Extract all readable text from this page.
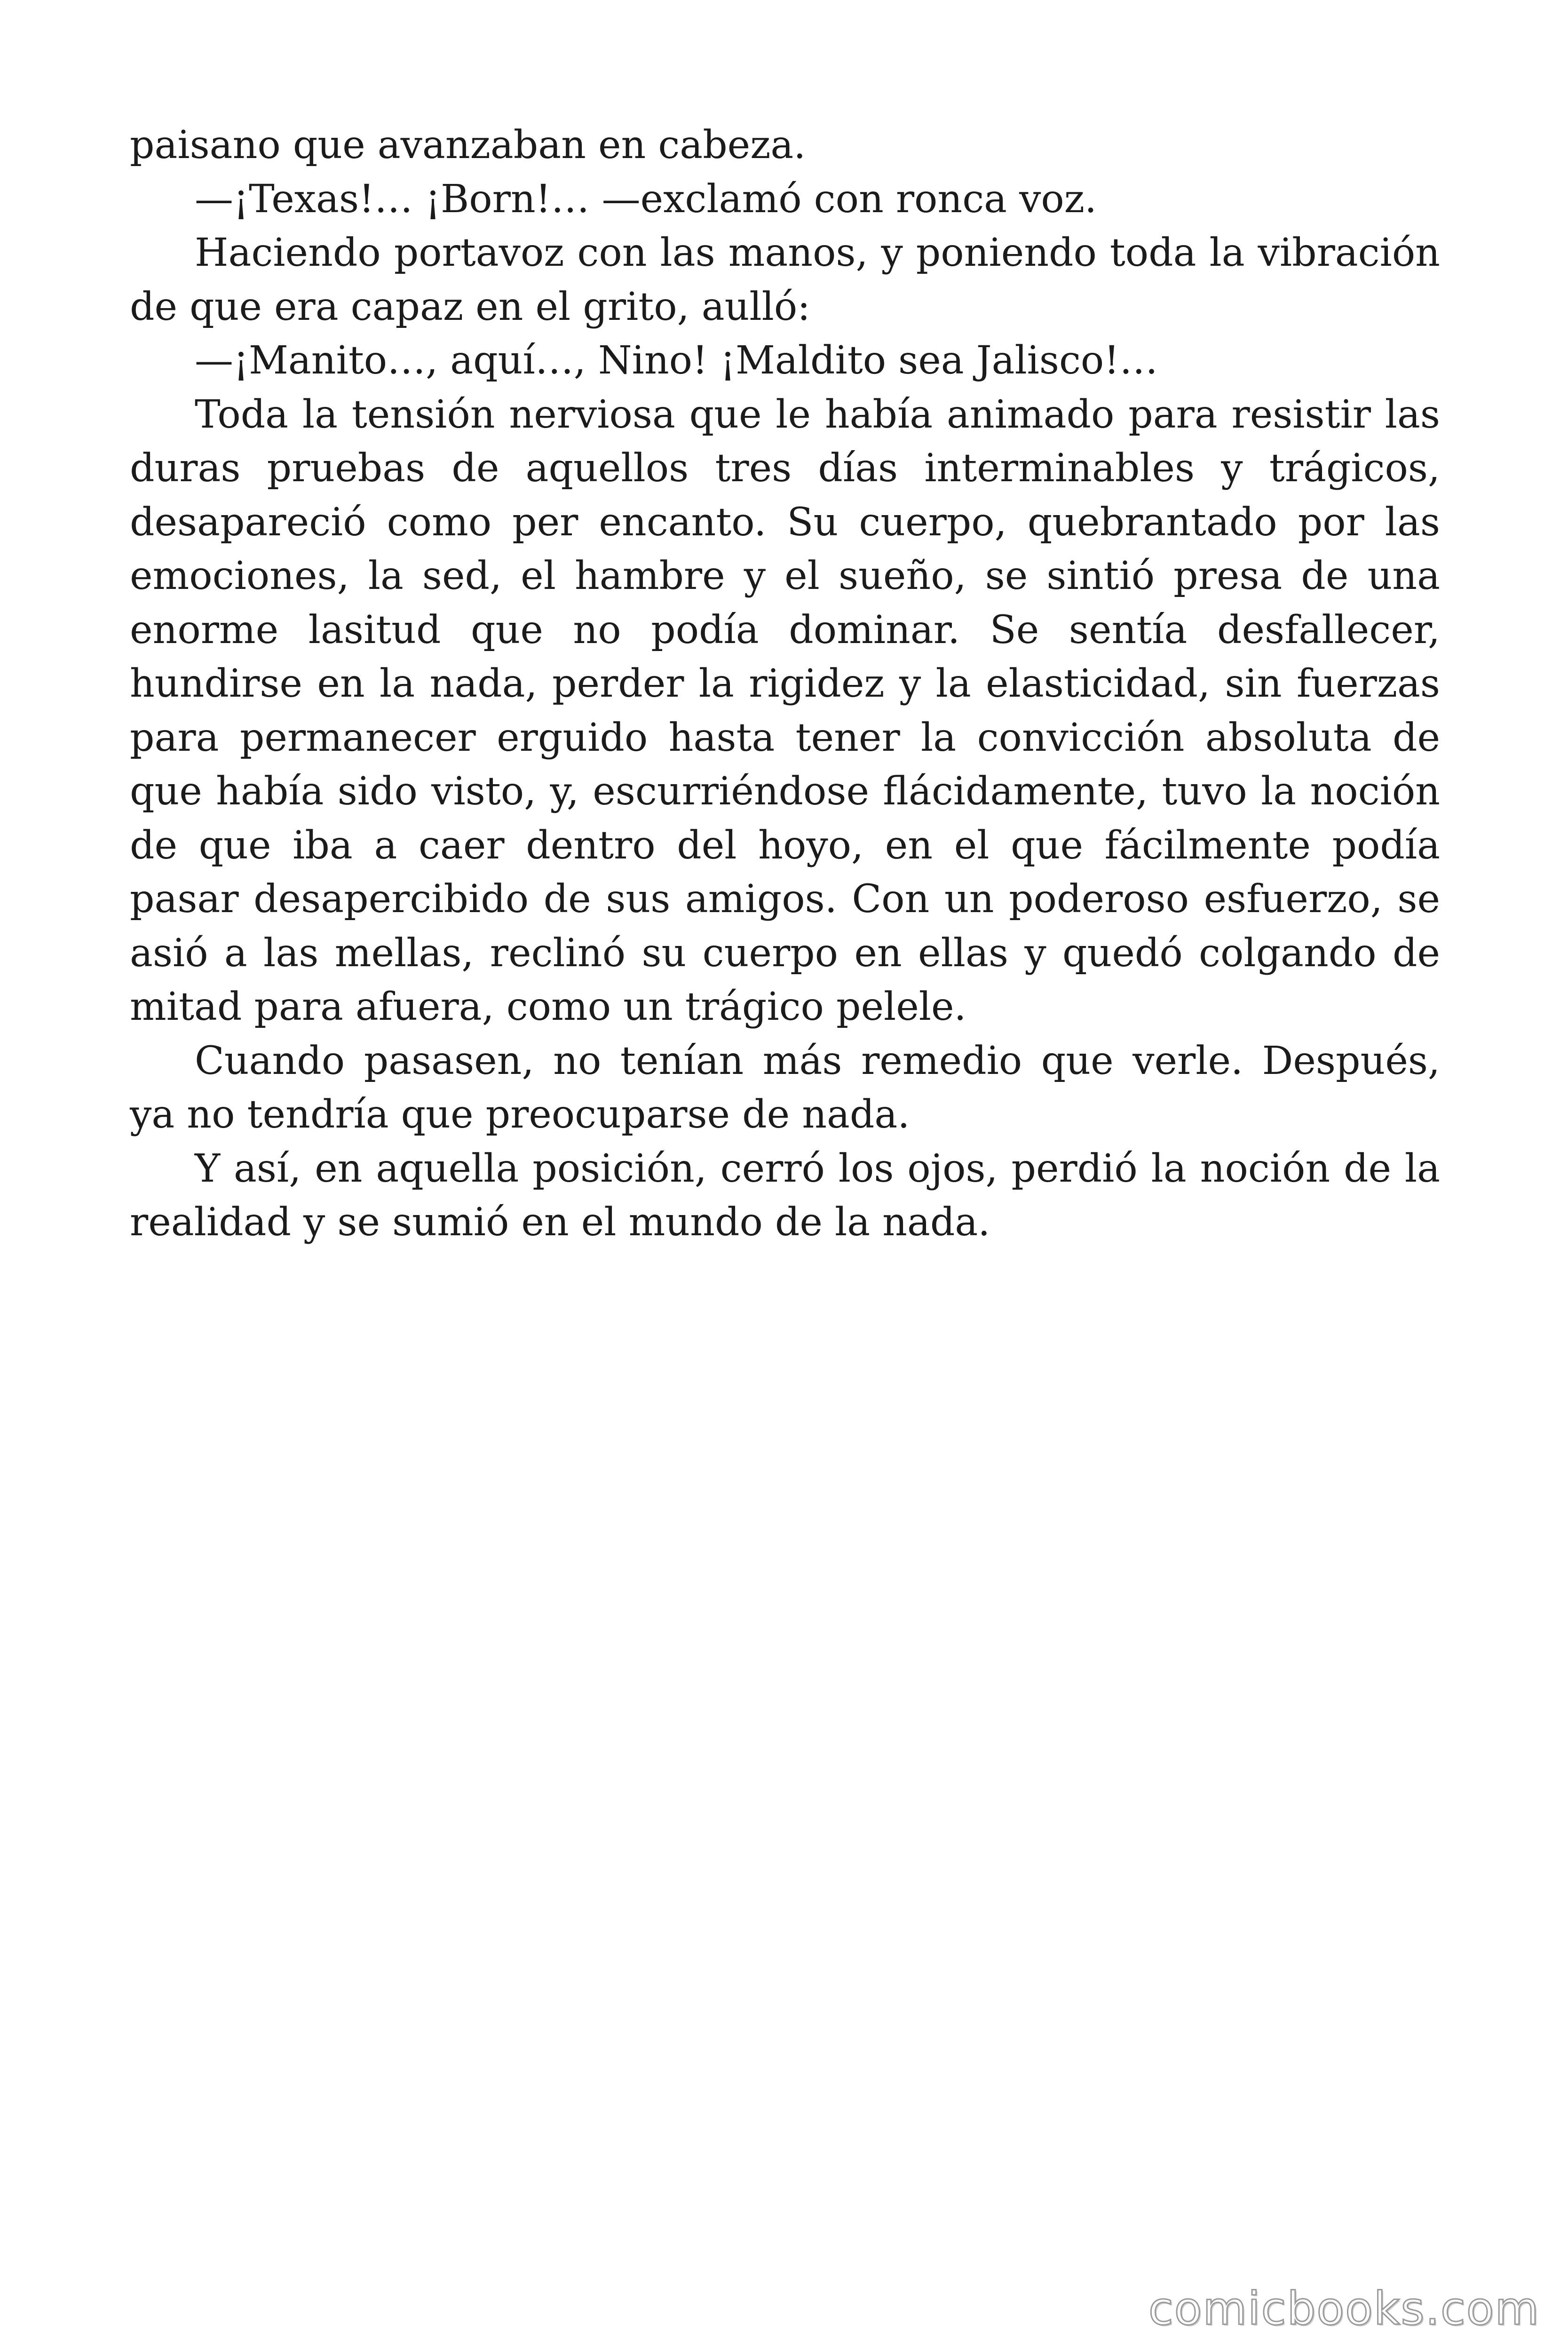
paisano que avanzaban en cabeza.

—¡Texas!… ¡Born!… —exclamó con ronca voz.

Haciendo portavoz con las manos, y poniendo toda la vibración de que era capaz en el grito, aulló:

—¡Manito…, aquí…, Nino! ¡Maldito sea Jalisco!…

Toda la tensión nerviosa que le había animado para resistir las duras pruebas de aquellos tres días interminables y trágicos, desapareció como per encanto. Su cuerpo, quebrantado por las emociones, la sed, el hambre y el sueño, se sintió presa de una enorme lasitud que no podía dominar. Se sentía desfallecer, hundirse en la nada, perder la rigidez y la elasticidad, sin fuerzas para permanecer erguido hasta tener la convicción absoluta de que había sido visto, y, escurriéndose flácidamente, tuvo la noción de que iba a caer dentro del hoyo, en el que fácilmente podía pasar desapercibido de sus amigos. Con un poderoso esfuerzo, se asió a las mellas, reclinó su cuerpo en ellas y quedó colgando de mitad para afuera, como un trágico pelele.

Cuando pasasen, no tenían más remedio que verle. Después, ya no tendría que preocuparse de nada.

Y así, en aquella posición, cerró los ojos, perdió la noción de la realidad y se sumió en el mundo de la nada.

comicbooks.com
